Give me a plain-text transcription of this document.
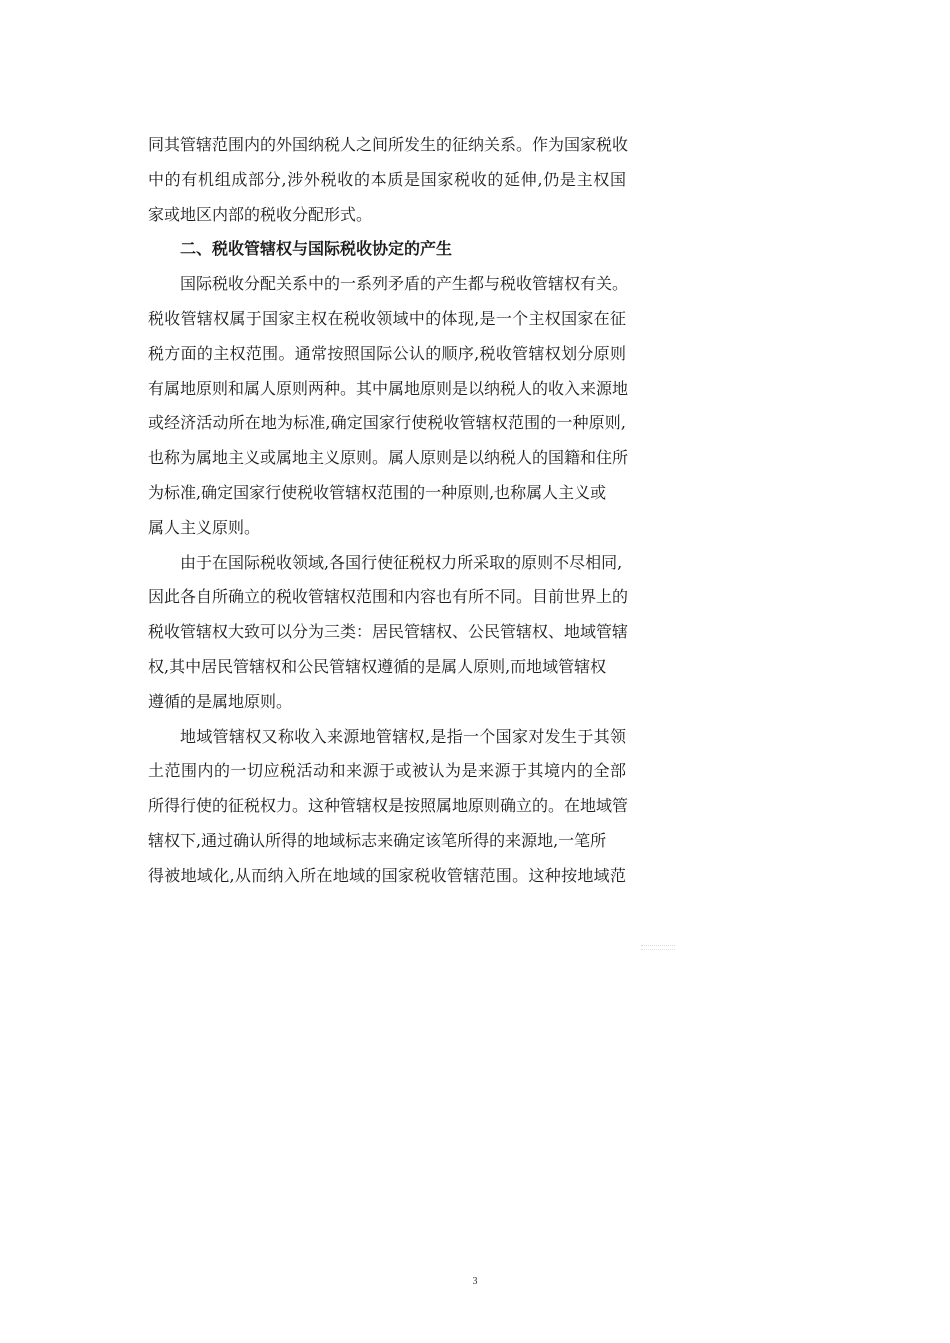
同其管辖范围内的外国纳税人之间所发生的征纳关系。作为国家税收
中的有机组成部分,涉外税收的本质是国家税收的延伸,仍是主权国
家或地区内部的税收分配形式。
二、税收管辖权与国际税收协定的产生
国际税收分配关系中的一系列矛盾的产生都与税收管辖权有关。
税收管辖权属于国家主权在税收领域中的体现,是一个主权国家在征
税方面的主权范围。通常按照国际公认的顺序,税收管辖权划分原则
有属地原则和属人原则两种。其中属地原则是以纳税人的收入来源地
或经济活动所在地为标准,确定国家行使税收管辖权范围的一种原则,
也称为属地主义或属地主义原则。属人原则是以纳税人的国籍和住所
为标准,确定国家行使税收管辖权范围的一种原则,也称属人主义或
属人主义原则。
由于在国际税收领域,各国行使征税权力所采取的原则不尽相同,
因此各自所确立的税收管辖权范围和内容也有所不同。目前世界上的
税收管辖权大致可以分为三类：居民管辖权、公民管辖权、地域管辖
权,其中居民管辖权和公民管辖权遵循的是属人原则,而地域管辖权
遵循的是属地原则。
地域管辖权又称收入来源地管辖权,是指一个国家对发生于其领
土范围内的一切应税活动和来源于或被认为是来源于其境内的全部
所得行使的征税权力。这种管辖权是按照属地原则确立的。在地域管
辖权下,通过确认所得的地域标志来确定该笔所得的来源地,一笔所
得被地域化,从而纳入所在地域的国家税收管辖范围。这种按地域范
3
